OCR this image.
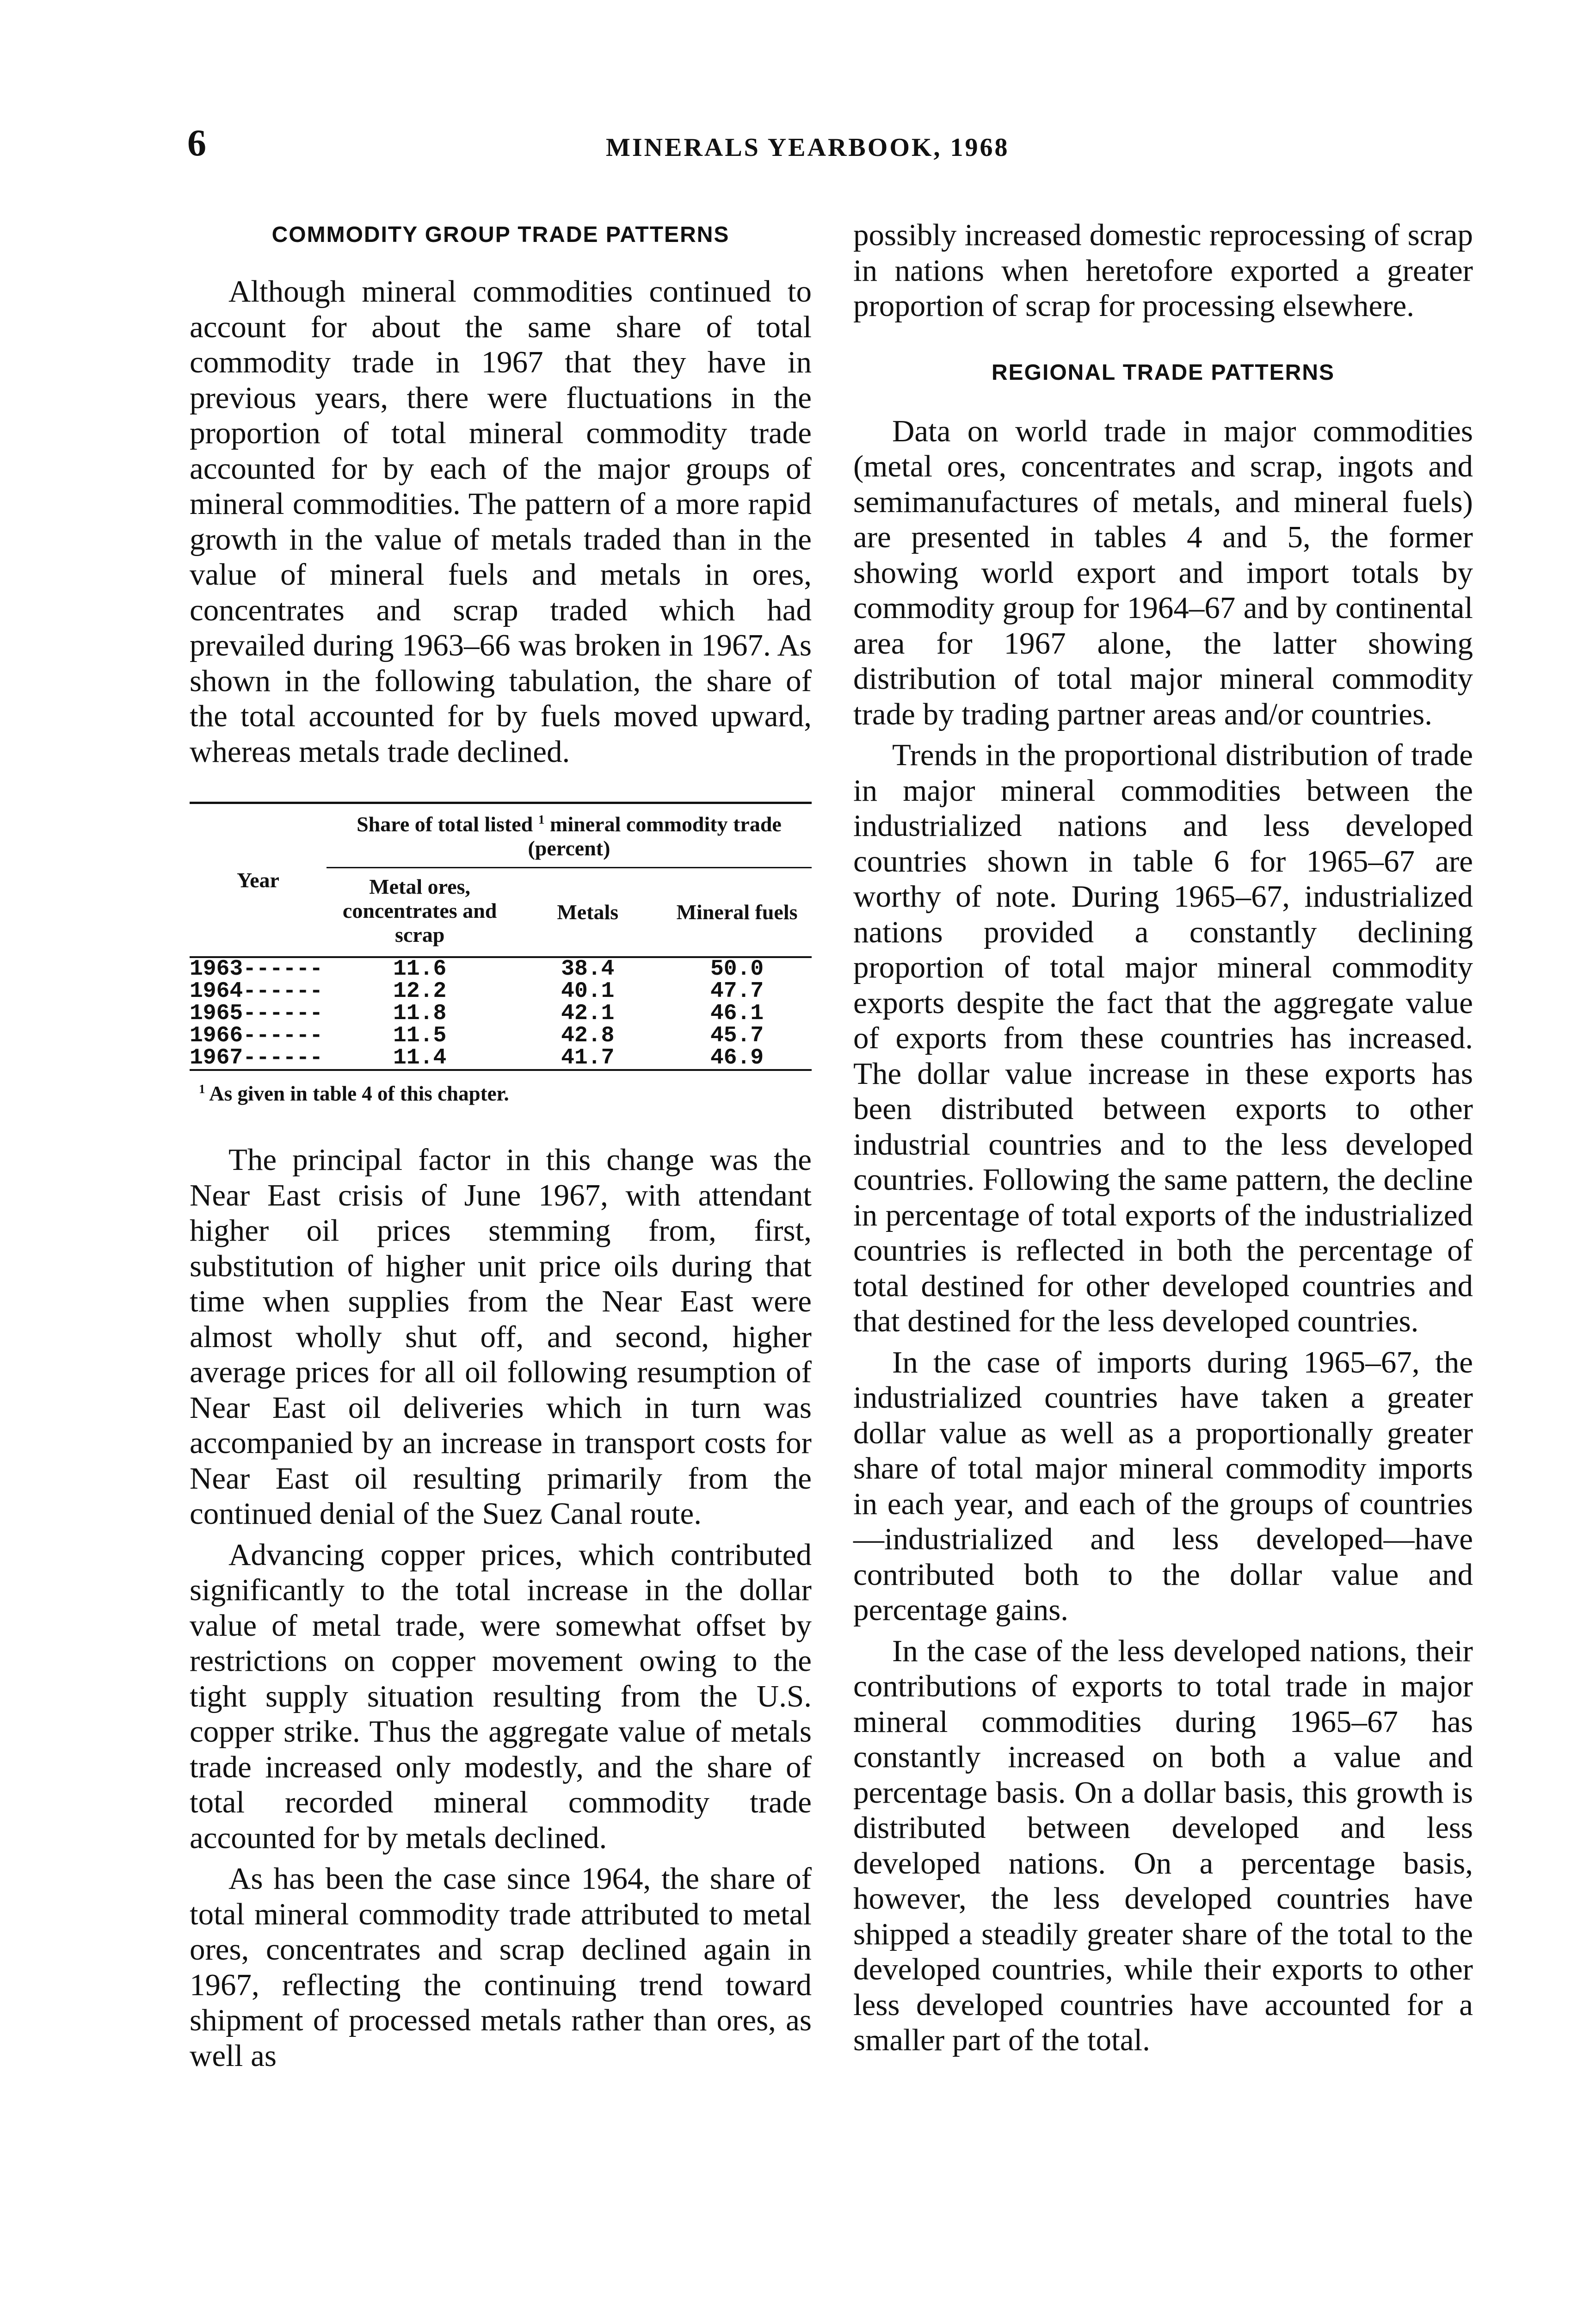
6	MINERALS YEARBOOK, 1968
COMMODITY GROUP TRADE PATTERNS

Although mineral commodities continued to account for about the same share of total commodity trade in 1967 that they have in previous years, there were fluctuations in the proportion of total mineral commodity trade accounted for by each of the major groups of mineral commodities. The pattern of a more rapid growth in the value of metals traded than in the value of mineral fuels and metals in ores, concentrates and scrap traded which had prevailed during 1963–66 was broken in 1967. As shown in the following tabulation, the share of the total accounted for by fuels moved upward, whereas metals trade declined.

Year	Share of total listed $^1$ mineral commodity trade (percent)		
	Metal ores, concentrates and scrap	Metals	Mineral fuels
1963------	11.6	38.4	50.0
1964------	12.2	40.1	47.7
1965------	11.8	42.1	46.1
1966------	11.5	42.8	45.7
1967------	11.4	41.7	46.9
$^1$ As given in table 4 of this chapter.

The principal factor in this change was the Near East crisis of June 1967, with attendant higher oil prices stemming from, first, substitution of higher unit price oils during that time when supplies from the Near East were almost wholly shut off, and second, higher average prices for all oil following resumption of Near East oil deliveries which in turn was accompanied by an increase in transport costs for Near East oil resulting primarily from the continued denial of the Suez Canal route.

Advancing copper prices, which contributed significantly to the total increase in the dollar value of metal trade, were somewhat offset by restrictions on copper movement owing to the tight supply situation resulting from the U.S. copper strike. Thus the aggregate value of metals trade increased only modestly, and the share of total recorded mineral commodity trade accounted for by metals declined.

As has been the case since 1964, the share of total mineral commodity trade attributed to metal ores, concentrates and scrap declined again in 1967, reflecting the continuing trend toward shipment of processed metals rather than ores, as well as

possibly increased domestic reprocessing of scrap in nations when heretofore exported a greater proportion of scrap for processing elsewhere.

REGIONAL TRADE PATTERNS

Data on world trade in major commodities (metal ores, concentrates and scrap, ingots and semimanufactures of metals, and mineral fuels) are presented in tables 4 and 5, the former showing world export and import totals by commodity group for 1964–67 and by continental area for 1967 alone, the latter showing distribution of total major mineral commodity trade by trading partner areas and/or countries.

Trends in the proportional distribution of trade in major mineral commodities between the industrialized nations and less developed countries shown in table 6 for 1965–67 are worthy of note. During 1965–67, industrialized nations provided a constantly declining proportion of total major mineral commodity exports despite the fact that the aggregate value of exports from these countries has increased. The dollar value increase in these exports has been distributed between exports to other industrial countries and to the less developed countries. Following the same pattern, the decline in percentage of total exports of the industrialized countries is reflected in both the percentage of total destined for other developed countries and that destined for the less developed countries.

In the case of imports during 1965–67, the industrialized countries have taken a greater dollar value as well as a proportionally greater share of total major mineral commodity imports in each year, and each of the groups of countries—industrialized and less developed—have contributed both to the dollar value and percentage gains.

In the case of the less developed nations, their contributions of exports to total trade in major mineral commodities during 1965–67 has constantly increased on both a value and percentage basis. On a dollar basis, this growth is distributed between developed and less developed nations. On a percentage basis, however, the less developed countries have shipped a steadily greater share of the total to the developed countries, while their exports to other less developed countries have accounted for a smaller part of the total.
